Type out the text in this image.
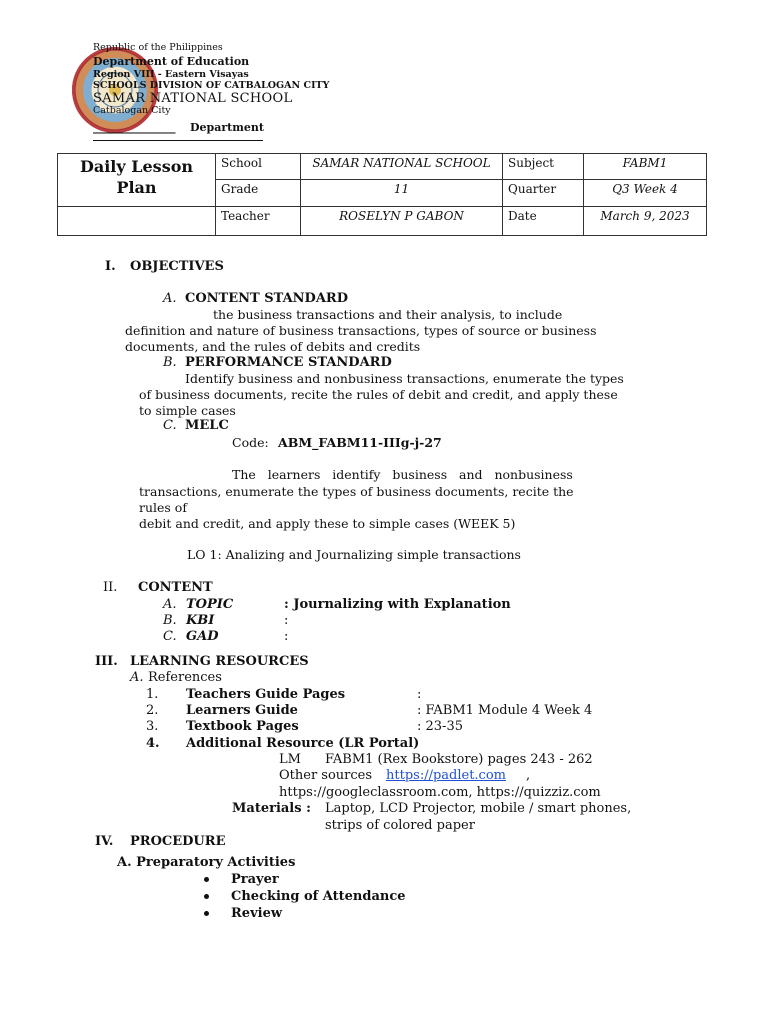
Republic of the Philippines
Department of Education
Region VIII - Eastern Visayas
SCHOOLS DIVISION OF CATBALOGAN CITY
SAMAR NATIONAL SCHOOL
Catbalogan City
_______________ Department
Daily Lesson Plan	School	SAMAR NATIONAL SCHOOL	Subject	FABM1
	Grade	11	Quarter	Q3 Week 4
	Teacher	ROSELYN P GABON	Date	March 9, 2023
I. OBJECTIVES
A. CONTENT STANDARD
the business transactions and their analysis, to include
definition and nature of business transactions, types of source or business
documents, and the rules of debits and credits
B. PERFORMANCE STANDARD
Identify business and nonbusiness transactions, enumerate the types
of business documents, recite the rules of debit and credit, and apply these
to simple cases
C. MELC
Code: ABM_FABM11-IIIg-j-27
The   learners   identify   business   and   nonbusiness
transactions, enumerate the types of business documents, recite the
rules of
debit and credit, and apply these to simple cases (WEEK 5)
LO 1: Analizing and Journalizing simple transactions
II. CONTENT
A. TOPIC	: Journalizing with Explanation
B. KBI	:
C. GAD	:
III. LEARNING RESOURCES
A. References
1. Teachers Guide Pages	:
2. Learners Guide	: FABM1 Module 4 Week 4
3. Textbook Pages	: 23-35
4. Additional Resource (LR Portal)
LM FABM1 (Rex Bookstore) pages 243 - 262
Other sources https://padlet.com ,
https://googleclassroom.com, https://quizziz.com
Materials : Laptop, LCD Projector, mobile / smart phones,
strips of colored paper
IV. PROCEDURE
A. Preparatory Activities
Prayer
Checking of Attendance
Review
